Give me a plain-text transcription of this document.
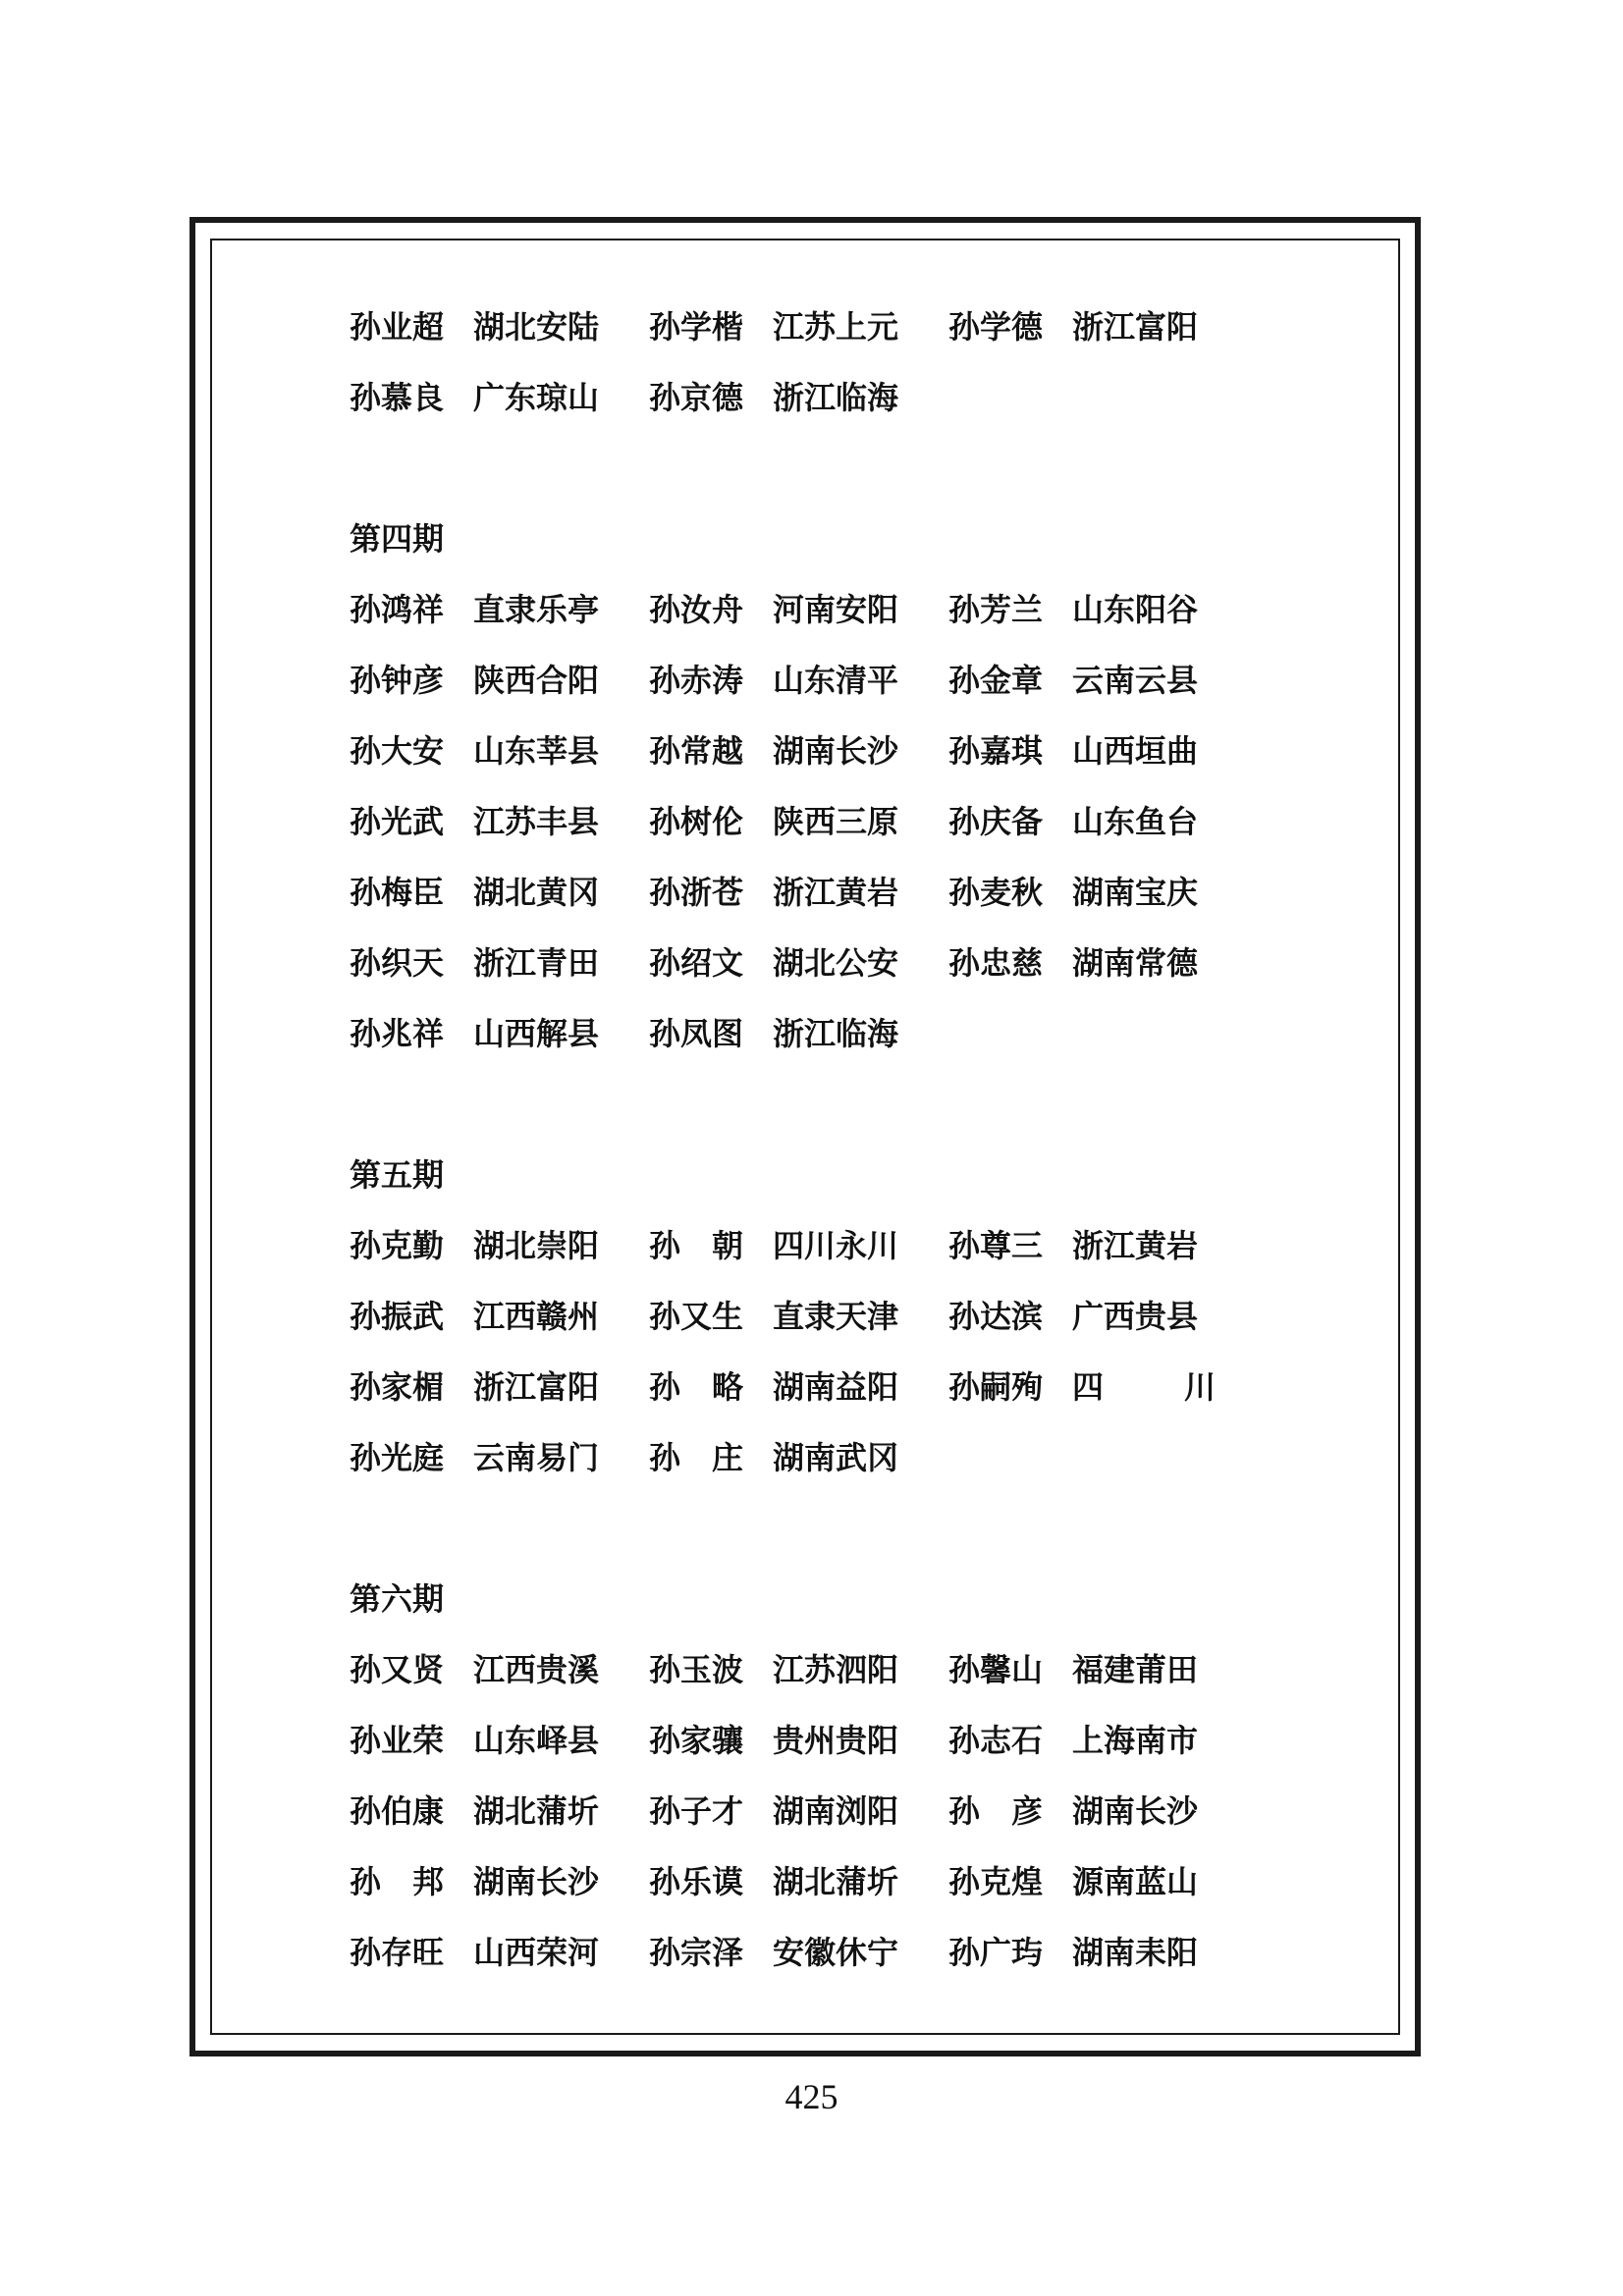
孙业超 湖北安陆	孙学楷 江苏上元	孙学德 浙江富阳
孙慕良 广东琼山	孙京德 浙江临海
第四期
孙鸿祥 直隶乐亭	孙汝舟 河南安阳	孙芳兰 山东阳谷
孙钟彦 陕西合阳	孙赤涛 山东清平	孙金章 云南云县
孙大安 山东莘县	孙常越 湖南长沙	孙嘉琪 山西垣曲
孙光武 江苏丰县	孙树伦 陕西三原	孙庆备 山东鱼台
孙梅臣 湖北黄冈	孙浙苍 浙江黄岩	孙麦秋 湖南宝庆
孙织天 浙江青田	孙绍文 湖北公安	孙忠慈 湖南常德
孙兆祥 山西解县	孙凤图 浙江临海
第五期
孙克勤 湖北崇阳	孙　朝 四川永川	孙尊三 浙江黄岩
孙振武 江西赣州	孙又生 直隶天津	孙达滨 广西贵县
孙家楣 浙江富阳	孙　略 湖南益阳	孙嗣殉 四	川
孙光庭 云南易门	孙　庄 湖南武冈
第六期
孙又贤 江西贵溪	孙玉波 江苏泗阳	孙馨山 福建莆田
孙业荣 山东峄县	孙家骧 贵州贵阳	孙志石 上海南市
孙伯康 湖北蒲圻	孙子才 湖南浏阳	孙　彦 湖南长沙
孙　邦 湖南长沙	孙乐谟 湖北蒲圻	孙克煌 源南蓝山
孙存旺 山西荣河	孙宗泽 安徽休宁	孙广玙 湖南耒阳
425
